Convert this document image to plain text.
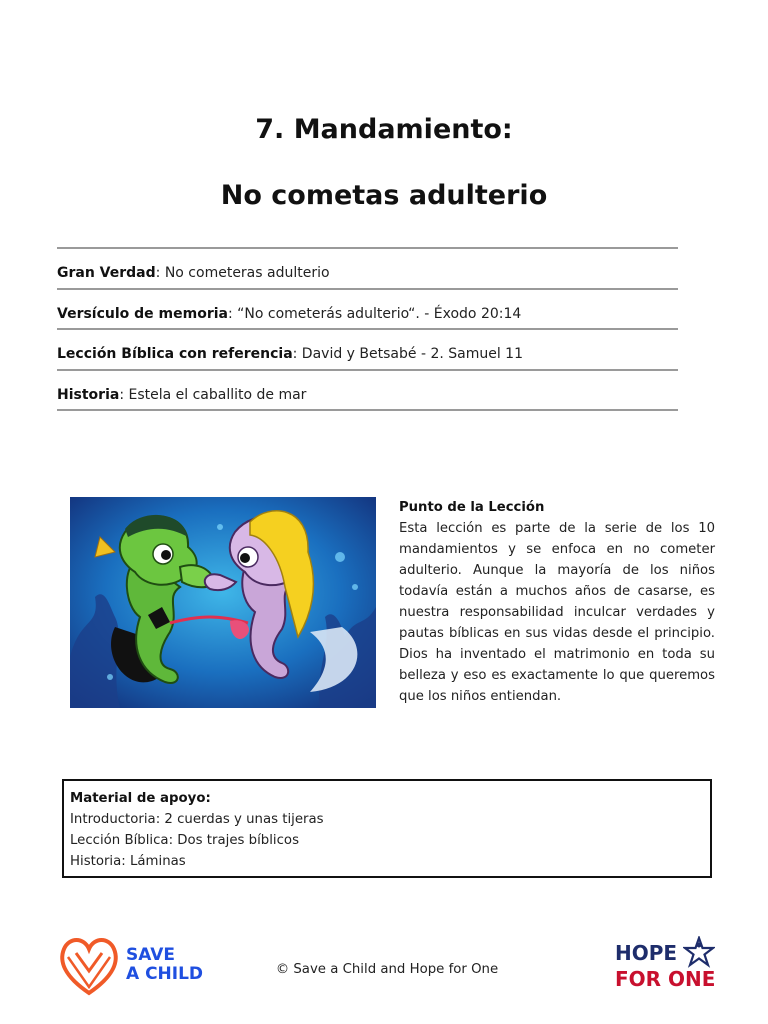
7. Mandamiento:
No cometas adulterio
Gran Verdad: No cometeras adulterio
Versículo de memoria: “No cometerás adulterio“. - Éxodo 20:14
Lección Bíblica con referencia: David y Betsabé - 2. Samuel 11
Historia: Estela el caballito de mar
Punto de la Lección
Esta lección es parte de la serie de los 10 mandamientos y se enfoca en no cometer adulterio. Aunque la mayoría de los niños todavía están a muchos años de casarse, es nuestra responsabilidad inculcar verdades y pautas bíblicas en sus vidas desde el principio. Dios ha inventado el matrimonio en toda su belleza y eso es exactamente lo que queremos que los niños entiendan.
Material de apoyo:
Introductoria: 2 cuerdas y unas tijeras
Lección Bíblica: Dos trajes bíblicos
Historia: Láminas
SAVE
A CHILD	© Save a Child and Hope for One
HOPE
FOR ONE
